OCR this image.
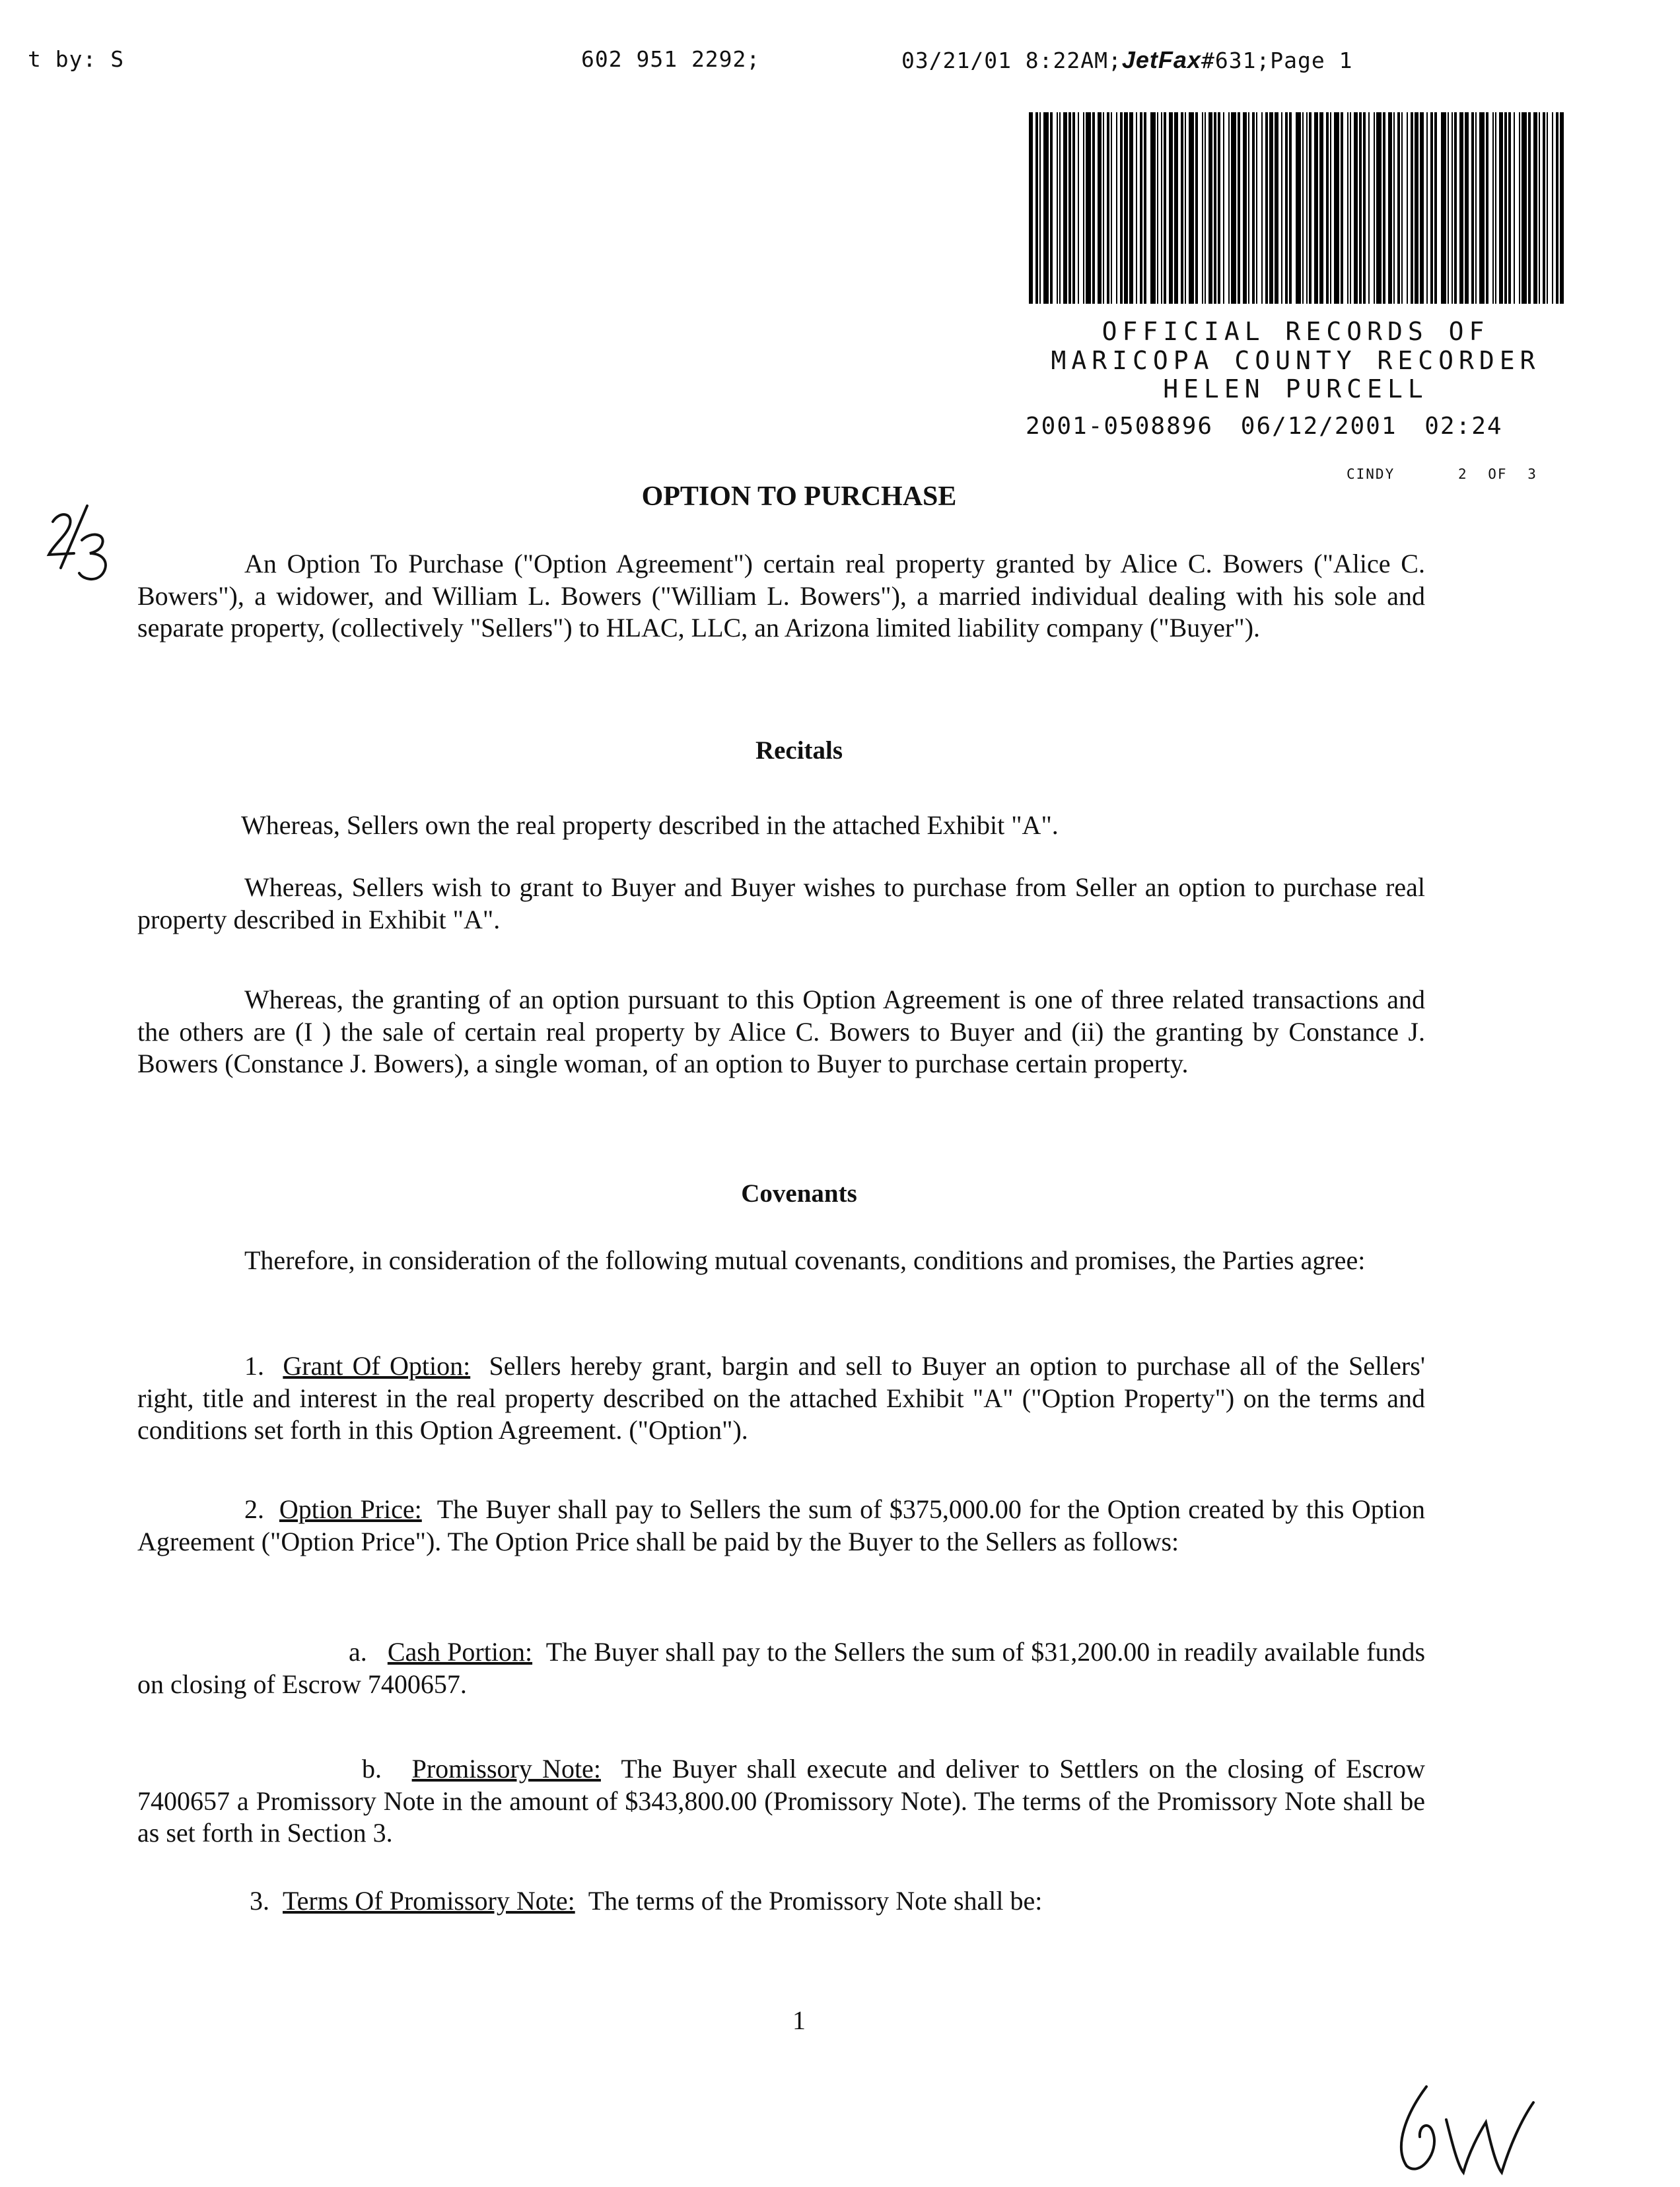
t by: S	602 951 2292;	03/21/01 8:22AM;JetFax#631;Page 1
OFFICIAL RECORDS OF
MARICOPA COUNTY RECORDER
HELEN PURCELL
2001-0508896 06/12/2001 02:24
CINDY	2 OF 3
OPTION TO PURCHASE
An Option To Purchase ("Option Agreement") certain real property granted by Alice C. Bowers ("Alice C. Bowers"), a widower, and William L. Bowers ("William L. Bowers"), a married individual dealing with his sole and separate property, (collectively "Sellers") to HLAC, LLC, an Arizona limited liability company ("Buyer").
Recitals
Whereas, Sellers own the real property described in the attached Exhibit "A".
Whereas, Sellers wish to grant to Buyer and Buyer wishes to purchase from Seller an option to purchase real property described in Exhibit "A".
Whereas, the granting of an option pursuant to this Option Agreement is one of three related transactions and the others are (I ) the sale of certain real property by Alice C. Bowers to Buyer and (ii) the granting by Constance J. Bowers (Constance J. Bowers), a single woman, of an option to Buyer to purchase certain property.
Covenants
Therefore, in consideration of the following mutual covenants, conditions and promises, the Parties agree:
1. Grant Of Option: Sellers hereby grant, bargin and sell to Buyer an option to purchase all of the Sellers' right, title and interest in the real property described on the attached Exhibit "A" ("Option Property") on the terms and conditions set forth in this Option Agreement. ("Option").
2. Option Price: The Buyer shall pay to Sellers the sum of $375,000.00 for the Option created by this Option Agreement ("Option Price"). The Option Price shall be paid by the Buyer to the Sellers as follows:
a. Cash Portion: The Buyer shall pay to the Sellers the sum of $31,200.00 in readily available funds on closing of Escrow 7400657.
b. Promissory Note: The Buyer shall execute and deliver to Settlers on the closing of Escrow 7400657 a Promissory Note in the amount of $343,800.00 (Promissory Note). The terms of the Promissory Note shall be as set forth in Section 3.
3. Terms Of Promissory Note: The terms of the Promissory Note shall be:
1
